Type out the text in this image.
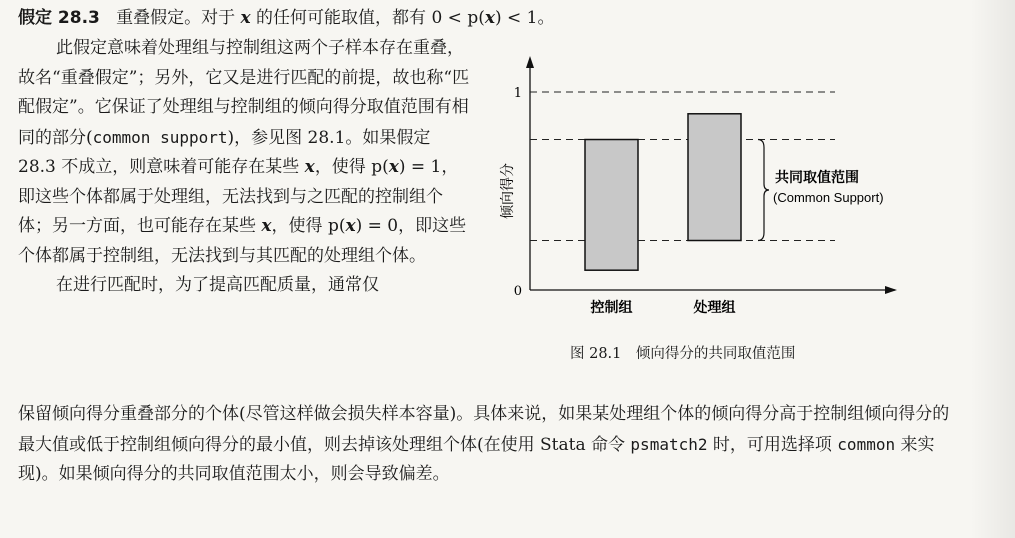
假定 28.3 重叠假定。对于 x 的任何可能取值，都有 0 < p(x) < 1。

此假定意味着处理组与控制组这两个子样本存在重叠，故名“重叠假定”；另外，它又是进行匹配的前提，故也称“匹配假定”。它保证了处理组与控制组的倾向得分取值范围有相同的部分(common support)，参见图 28.1。如果假定 28.3 不成立，则意味着可能存在某些 x，使得 p(x) = 1，即这些个体都属于处理组，无法找到与之匹配的控制组个体；另一方面，也可能存在某些 x，使得 p(x) = 0，即这些个体都属于控制组，无法找到与其匹配的处理组个体。

在进行匹配时，为了提高匹配质量，通常仅

保留倾向得分重叠部分的个体(尽管这样做会损失样本容量)。具体来说，如果某处理组个体的倾向得分高于控制组倾向得分的最大值或低于控制组倾向得分的最小值，则去掉该处理组个体(在使用 Stata 命令 psmatch2 时，可用选择项 common 来实现)。如果倾向得分的共同取值范围太小，则会导致偏差。

1
0
倾向得分
控制组	处理组
共同取值范围
(Common Support)
图 28.1　倾向得分的共同取值范围
